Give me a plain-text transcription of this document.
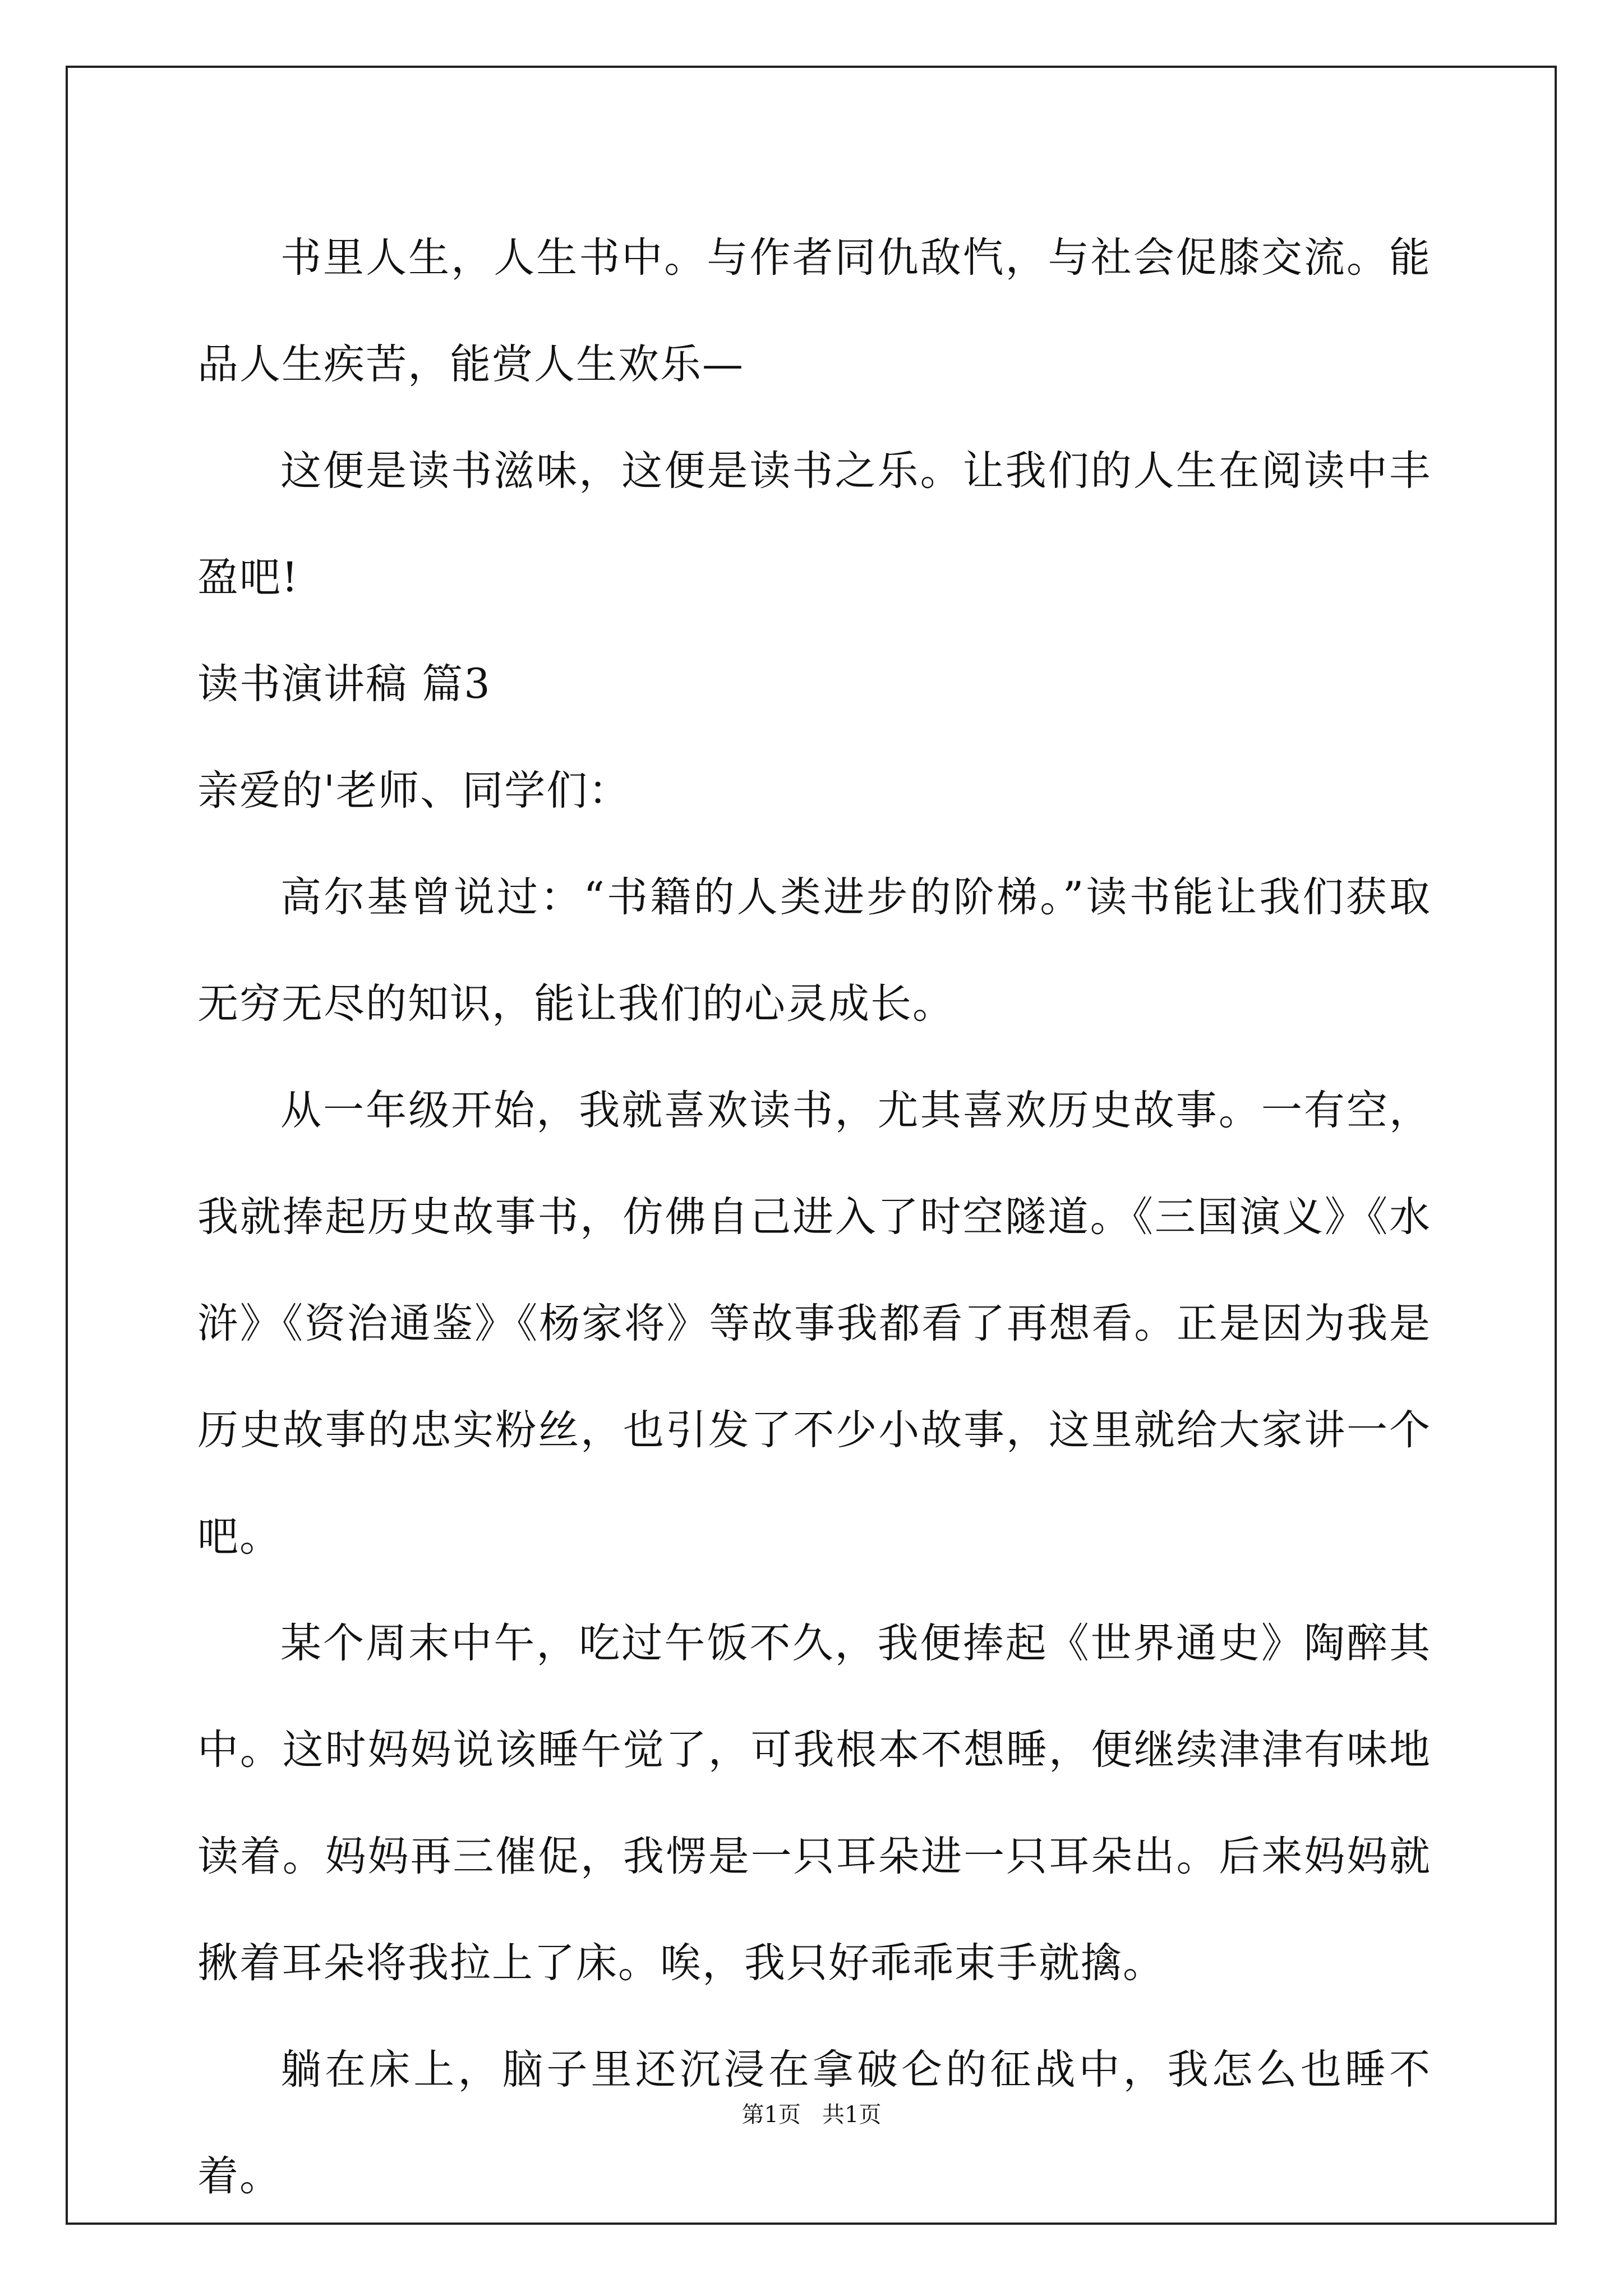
书里人生，人生书中。与作者同仇敌忾，与社会促膝交流。能品人生疾苦，能赏人生欢乐—

这便是读书滋味，这便是读书之乐。让我们的人生在阅读中丰盈吧!

读书演讲稿 篇3

亲爱的'老师、同学们：

高尔基曾说过：“书籍的人类进步的阶梯。”读书能让我们获取无穷无尽的知识，能让我们的心灵成长。

从一年级开始，我就喜欢读书，尤其喜欢历史故事。一有空，我就捧起历史故事书，仿佛自己进入了时空隧道。《三国演义》《水浒》《资治通鉴》《杨家将》等故事我都看了再想看。正是因为我是历史故事的忠实粉丝，也引发了不少小故事，这里就给大家讲一个吧。

某个周末中午，吃过午饭不久，我便捧起《世界通史》陶醉其中。这时妈妈说该睡午觉了，可我根本不想睡，便继续津津有味地读着。妈妈再三催促，我愣是一只耳朵进一只耳朵出。后来妈妈就揪着耳朵将我拉上了床。唉，我只好乖乖束手就擒。

躺在床上，脑子里还沉浸在拿破仑的征战中，我怎么也睡不着。

第1页   共1页
